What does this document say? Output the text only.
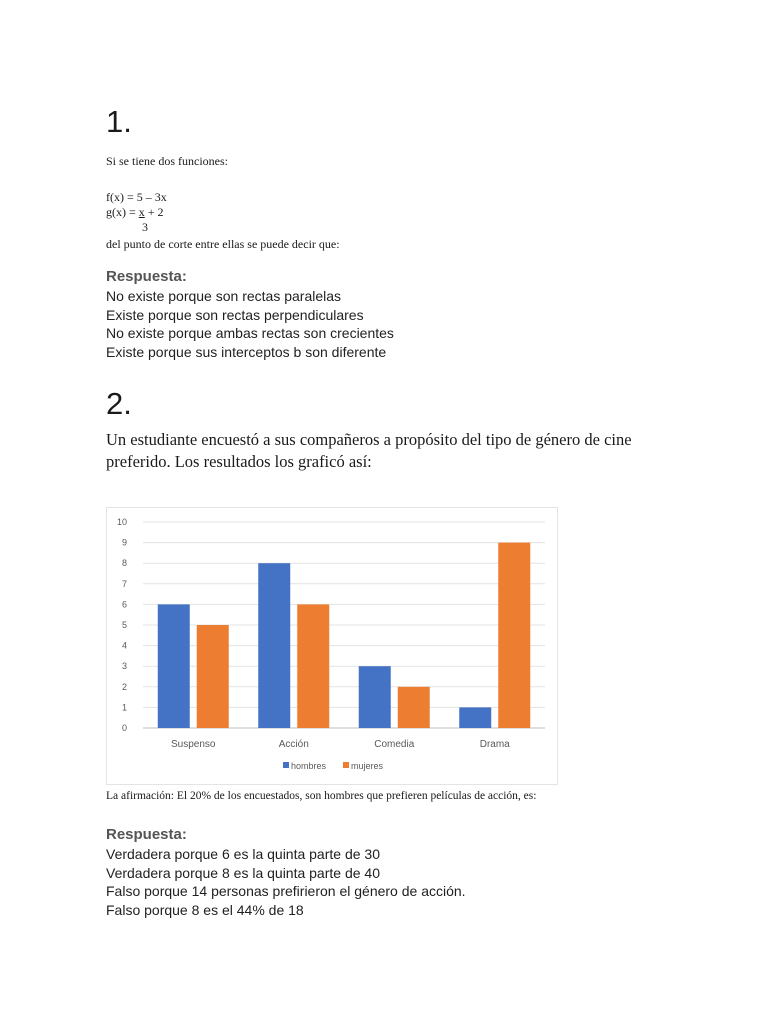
1.
Si se tiene dos funciones:
f(x) = 5 – 3x
g(x) = x + 2
3
del punto de corte entre ellas se puede decir que:
Respuesta:
No existe porque son rectas paralelas
Existe porque son rectas perpendiculares
No existe porque ambas rectas son crecientes
Existe porque sus interceptos b son diferente
2.
Un estudiante encuestó a sus compañeros a propósito del tipo de género de cine preferido. Los resultados los graficó así:
0
1
2
3
4
5
6
7
8
9
10
Suspenso	Acción	Comedia	Drama
hombres	mujeres
La afirmación: El 20% de los encuestados, son hombres que prefieren películas de acción, es:
Respuesta:
Verdadera porque 6 es la quinta parte de 30
Verdadera porque 8 es la quinta parte de 40
Falso porque 14 personas prefirieron el género de acción.
Falso porque 8 es el 44% de 18
